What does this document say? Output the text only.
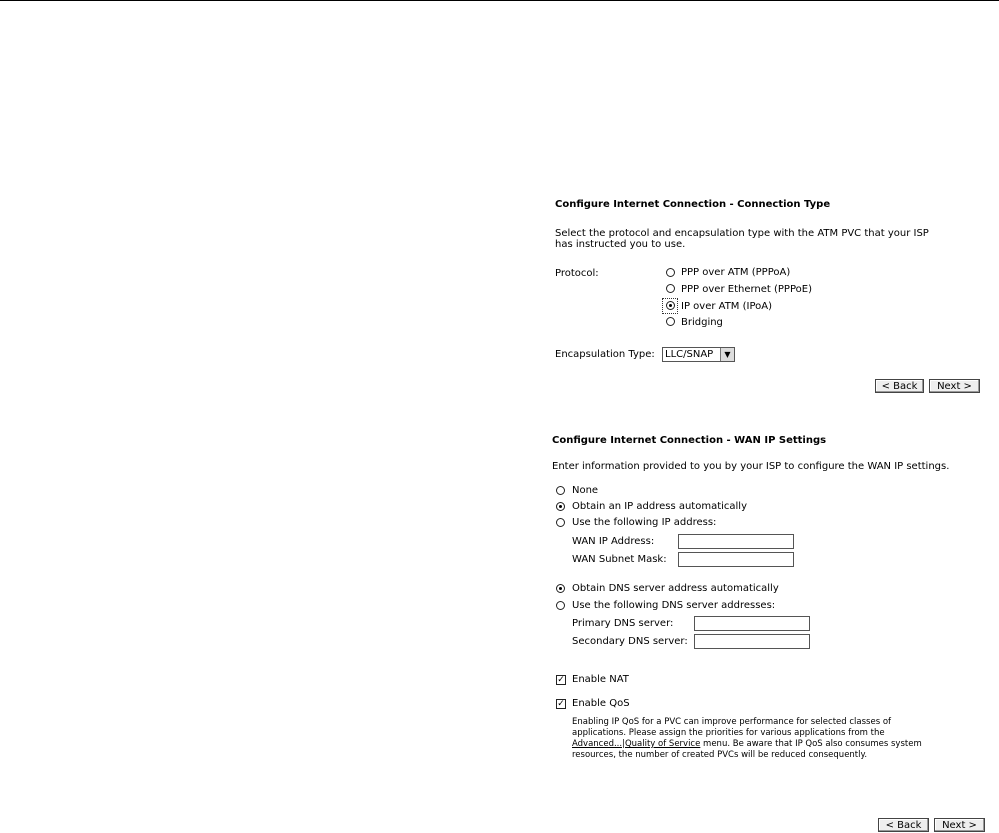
Configure Internet Connection - Connection Type
Select the protocol and encapsulation type with the ATM PVC that your ISP
has instructed you to use.
Protocol:	PPP over ATM (PPPoA)
PPP over Ethernet (PPPoE)
IP over ATM (IPoA)
Bridging
Encapsulation Type:	LLC/SNAP	▼
< Back	Next >
Configure Internet Connection - WAN IP Settings
Enter information provided to you by your ISP to configure the WAN IP settings.
None
Obtain an IP address automatically
Use the following IP address:
WAN IP Address:
WAN Subnet Mask:
Obtain DNS server address automatically
Use the following DNS server addresses:
Primary DNS server:
Secondary DNS server:
✓ Enable NAT
✓ Enable QoS
Enabling IP QoS for a PVC can improve performance for selected classes of
applications. Please assign the priorities for various applications from the
Advanced...|Quality of Service menu. Be aware that IP QoS also consumes system
resources, the number of created PVCs will be reduced consequently.
< Back	Next >
